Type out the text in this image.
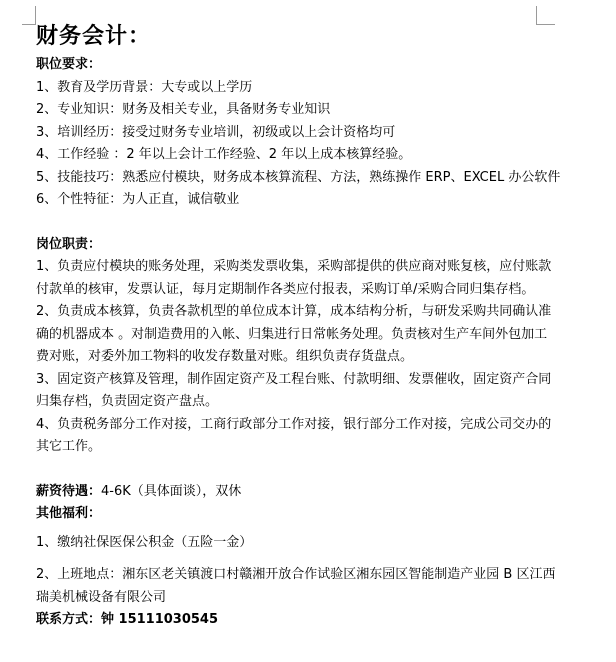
财务会计：
职位要求：
1、教育及学历背景：大专或以上学历
2、专业知识：财务及相关专业，具备财务专业知识
3、培训经历：接受过财务专业培训，初级或以上会计资格均可
4、工作经验 ：2 年以上会计工作经验、2 年以上成本核算经验。
5、技能技巧：熟悉应付模块，财务成本核算流程、方法，熟练操作 ERP、EXCEL 办公软件
6、个性特征：为人正直，诚信敬业
岗位职责：
1、负责应付模块的账务处理，采购类发票收集，采购部提供的供应商对账复核，应付账款
付款单的核审，发票认证，每月定期制作各类应付报表，采购订单/采购合同归集存档。
2、负责成本核算，负责各款机型的单位成本计算，成本结构分析，与研发采购共同确认准
确的机器成本 。对制造费用的入帐、归集进行日常帐务处理。负责核对生产车间外包加工
费对账，对委外加工物料的收发存数量对账。组织负责存货盘点。
3、固定资产核算及管理，制作固定资产及工程台账、付款明细、发票催收，固定资产合同
归集存档，负责固定资产盘点。
4、负责税务部分工作对接，工商行政部分工作对接，银行部分工作对接，完成公司交办的
其它工作。
薪资待遇：4-6K（具体面谈），双休
其他福利：
1、缴纳社保医保公积金（五险一金）
2、上班地点：湘东区老关镇渡口村赣湘开放合作试验区湘东园区智能制造产业园 B 区江西
瑞美机械设备有限公司
联系方式：钟 15111030545
